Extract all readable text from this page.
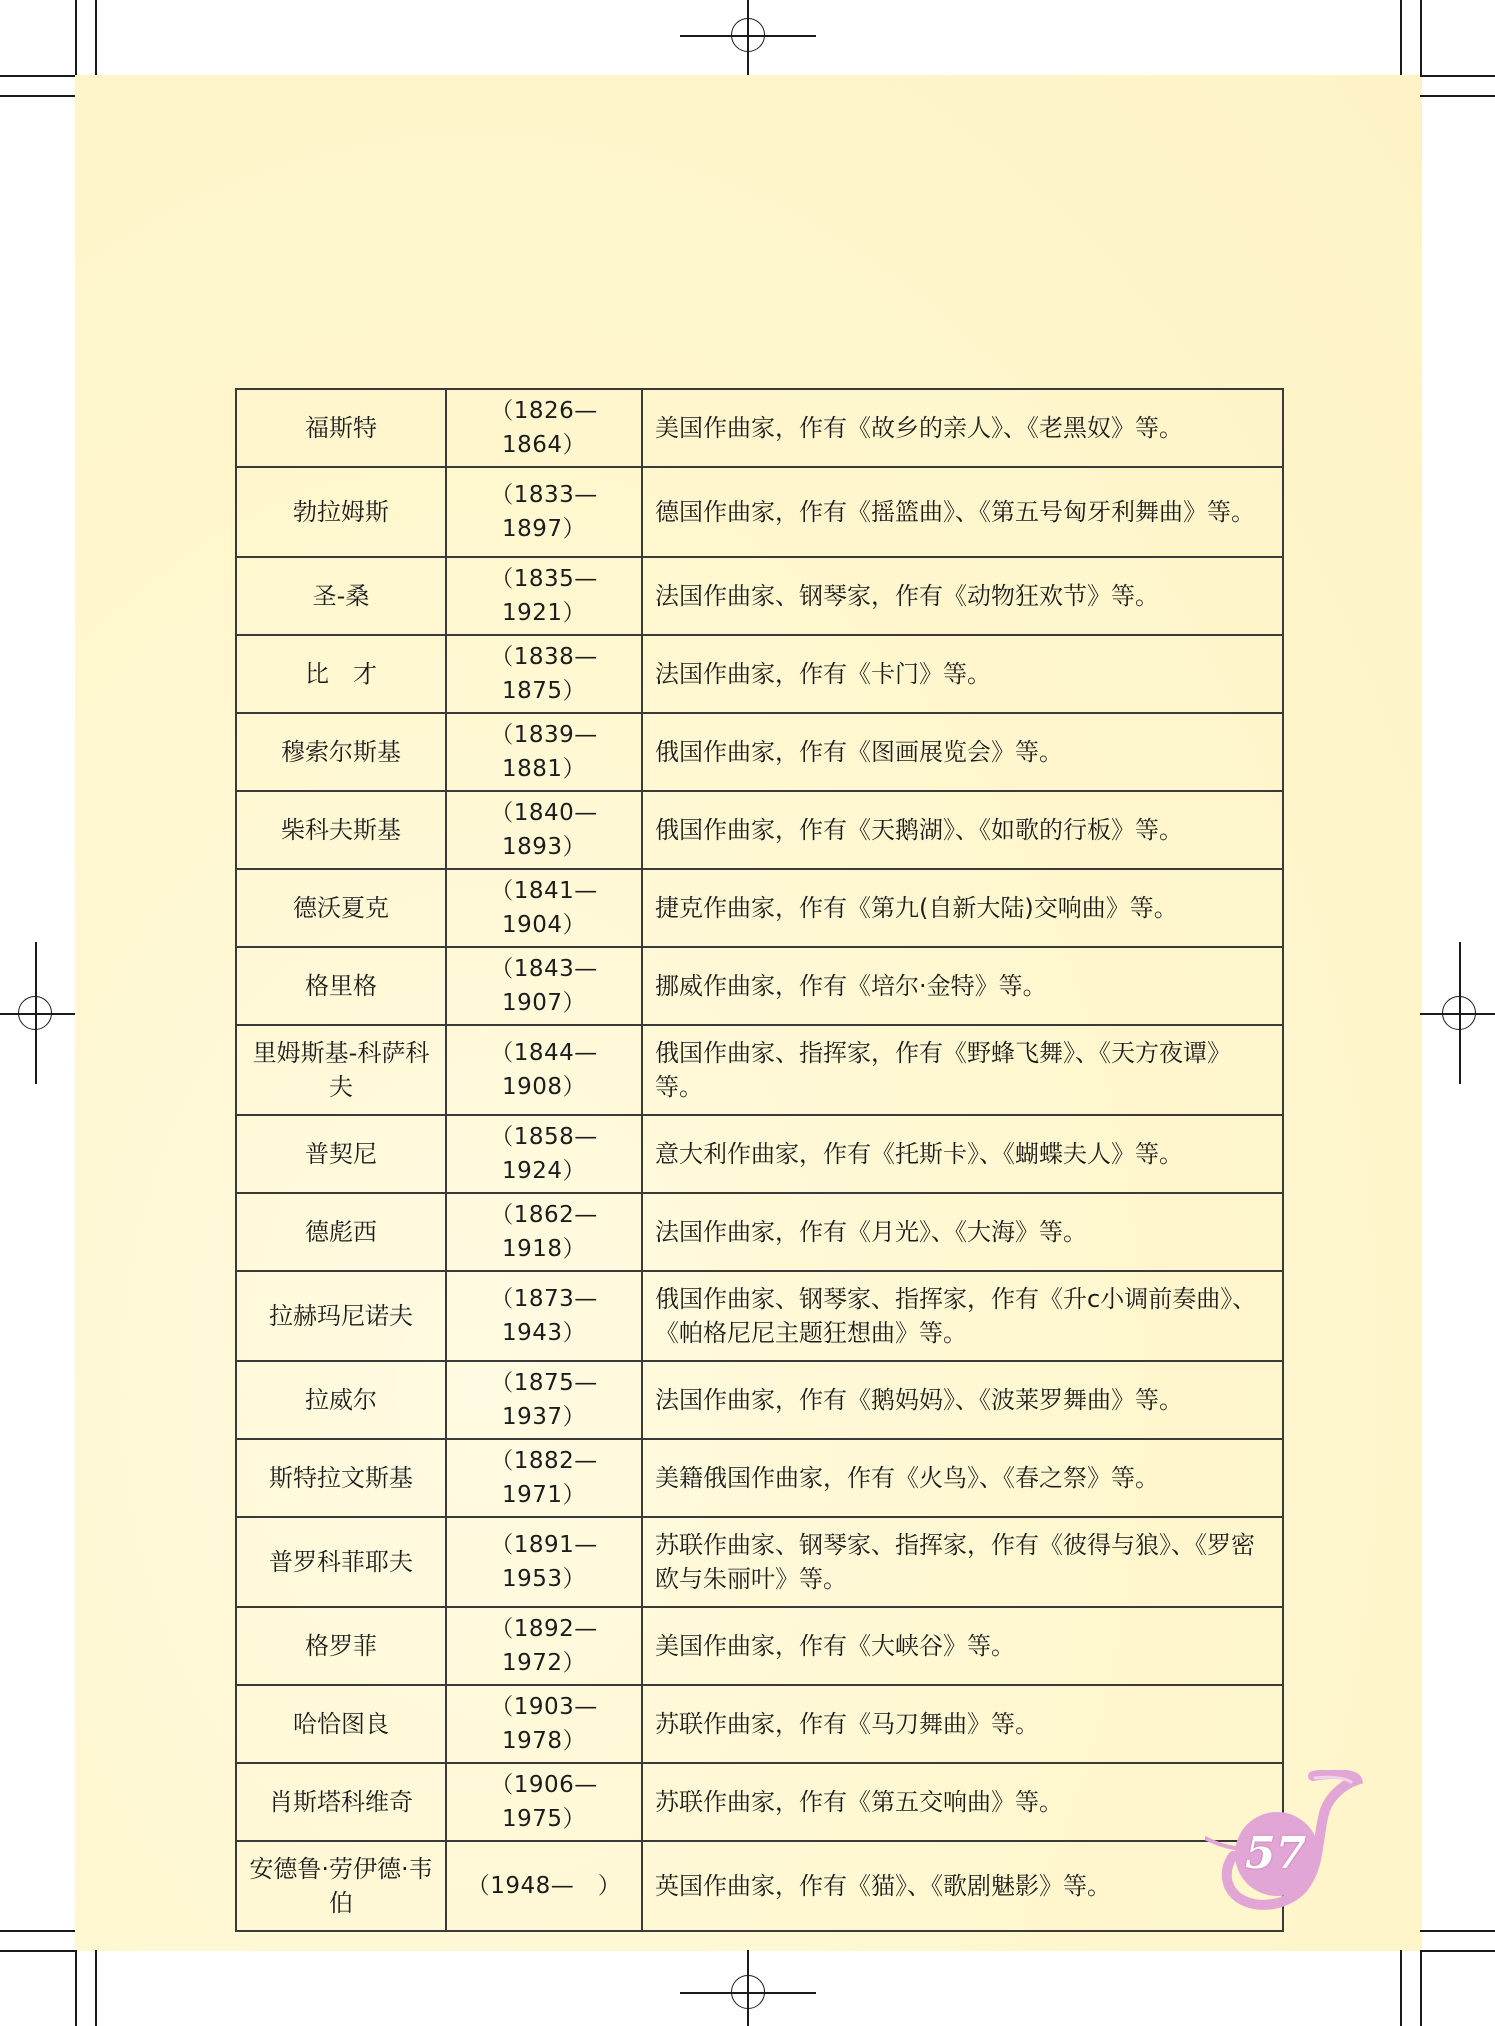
福斯特	（1826—1864）	美国作曲家，作有《故乡的亲人》、《老黑奴》等。
勃拉姆斯	（1833—1897）	德国作曲家，作有《摇篮曲》、《第五号匈牙利舞曲》等。
圣-桑	（1835—1921）	法国作曲家、钢琴家，作有《动物狂欢节》等。
比　才	（1838—1875）	法国作曲家，作有《卡门》等。
穆索尔斯基	（1839—1881）	俄国作曲家，作有《图画展览会》等。
柴科夫斯基	（1840—1893）	俄国作曲家，作有《天鹅湖》、《如歌的行板》等。
德沃夏克	（1841—1904）	捷克作曲家，作有《第九(自新大陆)交响曲》等。
格里格	（1843—1907）	挪威作曲家，作有《培尔·金特》等。
里姆斯基-科萨科夫	（1844—1908）	俄国作曲家、指挥家，作有《野蜂飞舞》、《天方夜谭》等。
普契尼	（1858—1924）	意大利作曲家，作有《托斯卡》、《蝴蝶夫人》等。
德彪西	（1862—1918）	法国作曲家，作有《月光》、《大海》等。
拉赫玛尼诺夫	（1873—1943）	俄国作曲家、钢琴家、指挥家，作有《升c小调前奏曲》、《帕格尼尼主题狂想曲》等。
拉威尔	（1875—1937）	法国作曲家，作有《鹅妈妈》、《波莱罗舞曲》等。
斯特拉文斯基	（1882—1971）	美籍俄国作曲家，作有《火鸟》、《春之祭》等。
普罗科菲耶夫	（1891—1953）	苏联作曲家、钢琴家、指挥家，作有《彼得与狼》、《罗密欧与朱丽叶》等。
格罗菲	（1892—1972）	美国作曲家，作有《大峡谷》等。
哈恰图良	（1903—1978）	苏联作曲家，作有《马刀舞曲》等。
肖斯塔科维奇	（1906—1975）	苏联作曲家，作有《第五交响曲》等。
安德鲁·劳伊德·韦伯	（1948—　）	英国作曲家，作有《猫》、《歌剧魅影》等。
57
